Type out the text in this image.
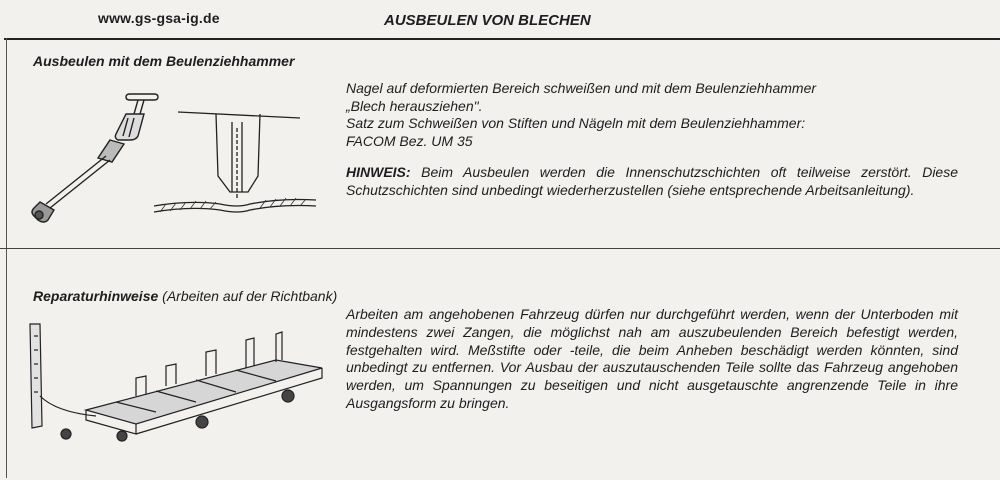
www.gs-gsa-ig.de	AUSBEULEN VON BLECHEN
Ausbeulen mit dem Beulenziehhammer

Nagel auf deformierten Bereich schweißen und mit dem Beulenziehhammer
„Blech herausziehen".
Satz zum Schweißen von Stiften und Nägeln mit dem Beulenziehhammer:
FACOM Bez. UM 35

HINWEIS: Beim Ausbeulen werden die Innenschutzschichten oft teilweise zerstört. Diese Schutzschichten sind unbedingt wiederherzustellen (siehe entsprechende Arbeitsanleitung).

Reparaturhinweise (Arbeiten auf der Richtbank)

Arbeiten am angehobenen Fahrzeug dürfen nur durchgeführt werden, wenn der Unterboden mit mindestens zwei Zangen, die möglichst nah am auszubeulenden Bereich befestigt werden, festgehalten wird. Meßstifte oder -teile, die beim Anheben beschädigt werden könnten, sind unbedingt zu entfernen. Vor Ausbau der auszutauschenden Teile sollte das Fahrzeug angehoben werden, um Spannungen zu beseitigen und nicht ausgetauschte angrenzende Teile in ihre Ausgangsform zu bringen.
